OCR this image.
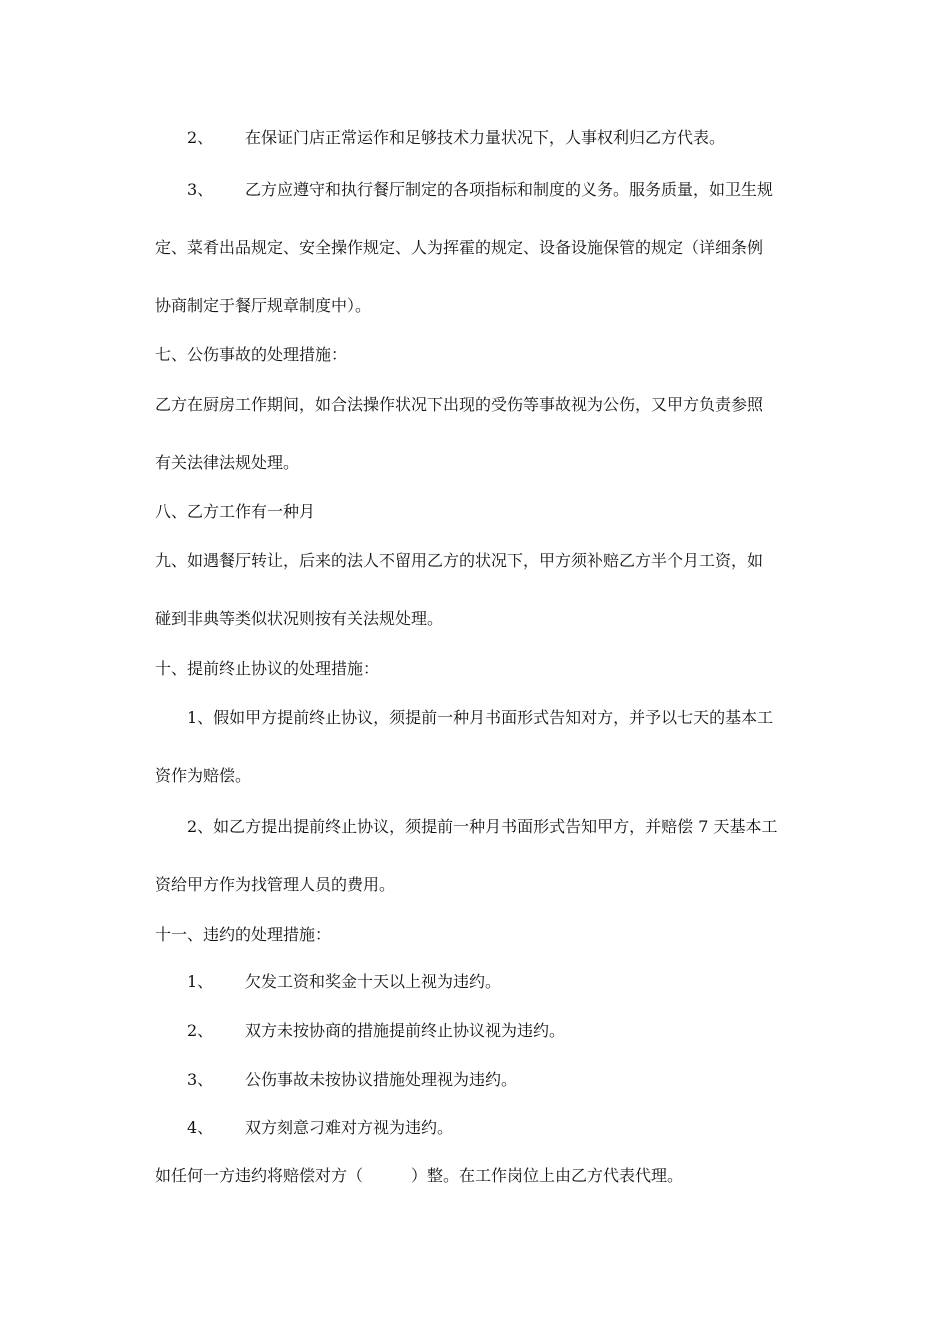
2、 在保证门店正常运作和足够技术力量状况下，人事权利归乙方代表。
3、 乙方应遵守和执行餐厅制定的各项指标和制度的义务。服务质量，如卫生规
定、菜肴出品规定、安全操作规定、人为挥霍的规定、设备设施保管的规定（详细条例
协商制定于餐厅规章制度中）。
七、公伤事故的处理措施：
乙方在厨房工作期间，如合法操作状况下出现的受伤等事故视为公伤，又甲方负责参照
有关法律法规处理。
八、乙方工作有一种月
九、如遇餐厅转让，后来的法人不留用乙方的状况下，甲方须补赔乙方半个月工资，如
碰到非典等类似状况则按有关法规处理。
十、提前终止协议的处理措施：
1、假如甲方提前终止协议，须提前一种月书面形式告知对方，并予以七天的基本工
资作为赔偿。
2、如乙方提出提前终止协议，须提前一种月书面形式告知甲方，并赔偿 7 天基本工
资给甲方作为找管理人员的费用。
十一、违约的处理措施：
1、 欠发工资和奖金十天以上视为违约。
2、 双方未按协商的措施提前终止协议视为违约。
3、 公伤事故未按协议措施处理视为违约。
4、 双方刻意刁难对方视为违约。
如任何一方违约将赔偿对方（　　　）整。在工作岗位上由乙方代表代理。
